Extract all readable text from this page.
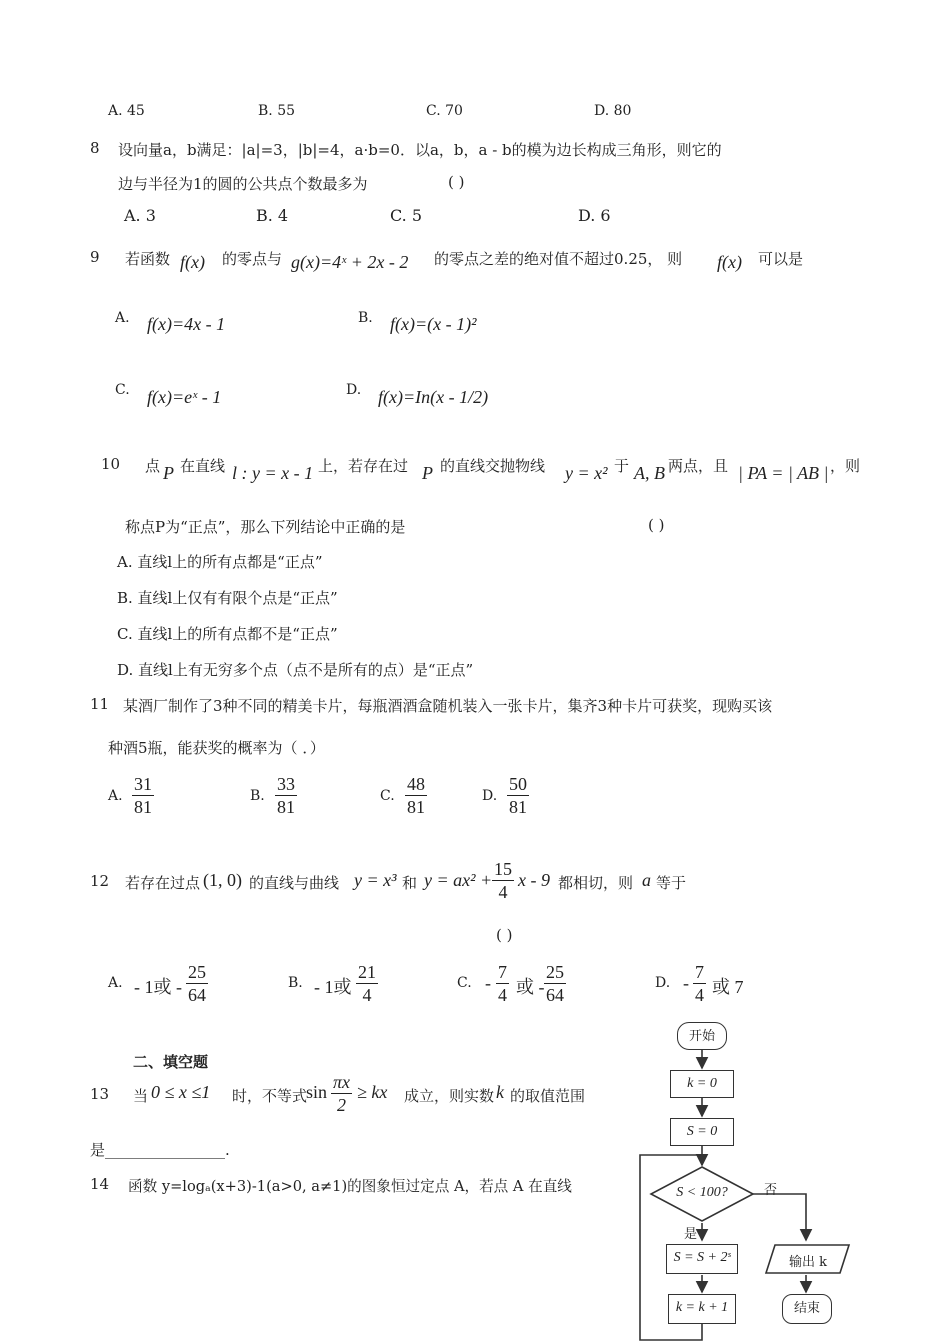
A. 45	B. 55	C. 70	D. 80
8 设向量a，b满足：|a|=3，|b|=4，a·b=0．以a，b，a - b的模为边长构成三角形，则它的
边与半径为1的圆的公共点个数最多为	( )
A. 3	B. 4	C. 5	D. 6
9 若函数 f(x) 的零点与 g(x)=4ˣ + 2x - 2 的零点之差的绝对值不超过0.25， 则 f(x) 可以是
A. f(x)=4x - 1	B. f(x)=(x - 1)²
C. f(x)=eˣ - 1	D. f(x)=In(x - 1/2)
10 点 P 在直线 l : y = x - 1 上，若存在过 P 的直线交抛物线 y = x² 于 A, B 两点，且 | PA = | AB | ，则
称点P为“正点”，那么下列结论中正确的是	( )
A. 直线l上的所有点都是“正点”
B. 直线l上仅有有限个点是“正点”
C. 直线l上的所有点都不是“正点”
D. 直线l上有无穷多个点（点不是所有的点）是“正点”
11 某酒厂制作了3种不同的精美卡片，每瓶酒酒盒随机装入一张卡片，集齐3种卡片可获奖，现购买该
种酒5瓶，能获奖的概率为（ ．）
A. $\frac{31}{81}$	B. $\frac{33}{81}$	C. $\frac{48}{81}$	D. $\frac{50}{81}$
12 若存在过点 (1, 0) 的直线与曲线 y = x³ 和 $y = ax^2 + \frac{15}{4}$ x - 9 都相切，则 a 等于
( )
A. - 1或 - $\frac{25}{64}$	B. - 1或 $\frac{21}{4}$	C. - $\frac{7}{4}$ 或 - $\frac{25}{64}$	D. - $\frac{7}{4}$ 或 7
二、填空题
13 当 0 ≤ x ≤1 时，不等式
$\sin \frac{\pi x}{2}$ ≥ kx 成立，则实数 k 的取值范围
是________________.
14 函数 y=logₐ(x+3)-1(a>0, a≠1)的图象恒过定点 A，若点 A 在直线
开始
k = 0
S = 0
S < 100?	否
是
S = S + 2ˢ	输出 k
k = k + 1	结束
